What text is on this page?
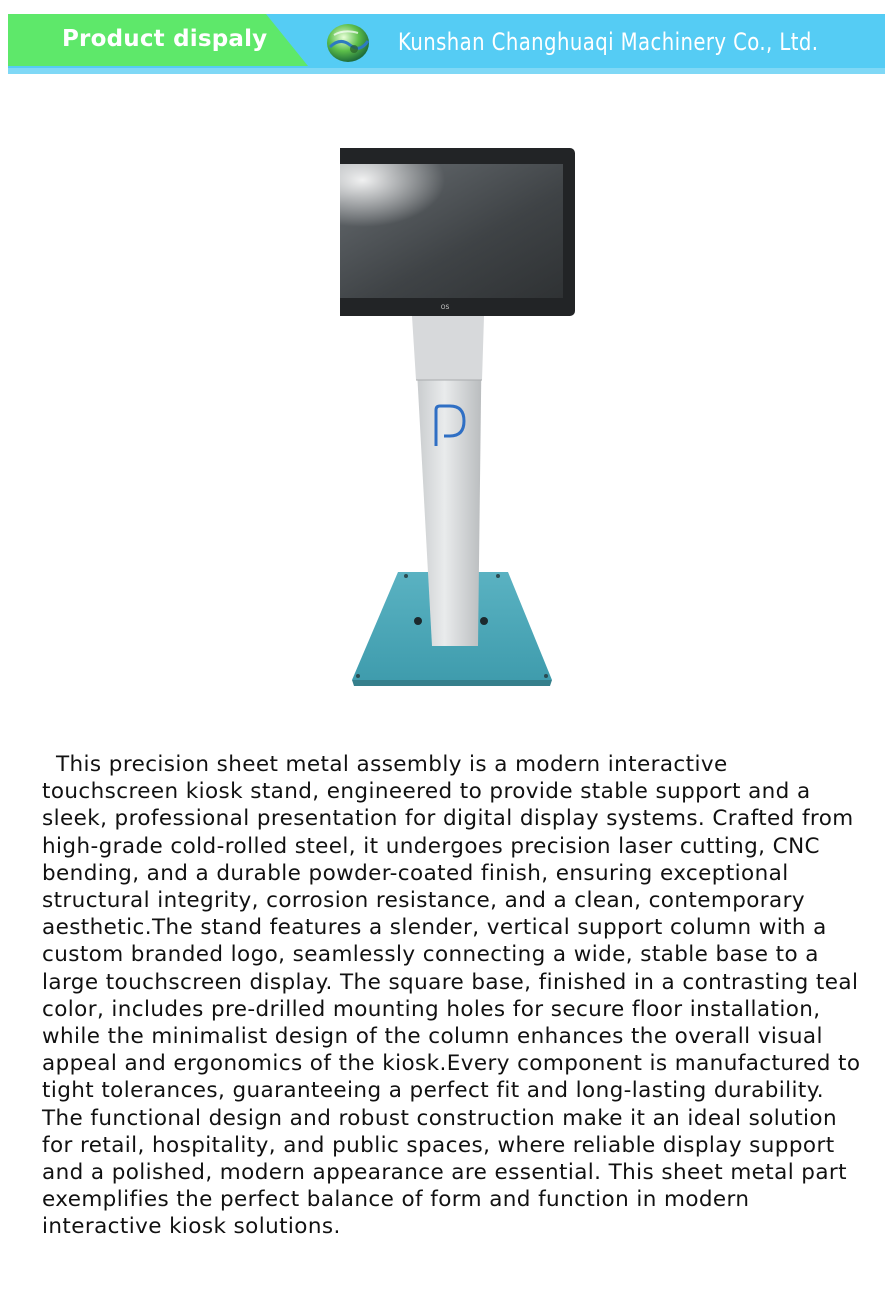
Product dispaly	Kunshan Changhuaqi Machinery Co., Ltd.
OS

This precision sheet metal assembly is a modern interactive touchscreen kiosk stand, engineered to provide stable support and a sleek, professional presentation for digital display systems. Crafted from high-grade cold-rolled steel, it undergoes precision laser cutting, CNC bending, and a durable powder-coated finish, ensuring exceptional structural integrity, corrosion resistance, and a clean, contemporary aesthetic.The stand features a slender, vertical support column with a custom branded logo, seamlessly connecting a wide, stable base to a large touchscreen display. The square base, finished in a contrasting teal color, includes pre-drilled mounting holes for secure floor installation, while the minimalist design of the column enhances the overall visual appeal and ergonomics of the kiosk.Every component is manufactured to tight tolerances, guaranteeing a perfect fit and long-lasting durability. The functional design and robust construction make it an ideal solution for retail, hospitality, and public spaces, where reliable display support and a polished, modern appearance are essential. This sheet metal part exemplifies the perfect balance of form and function in modern interactive kiosk solutions.
